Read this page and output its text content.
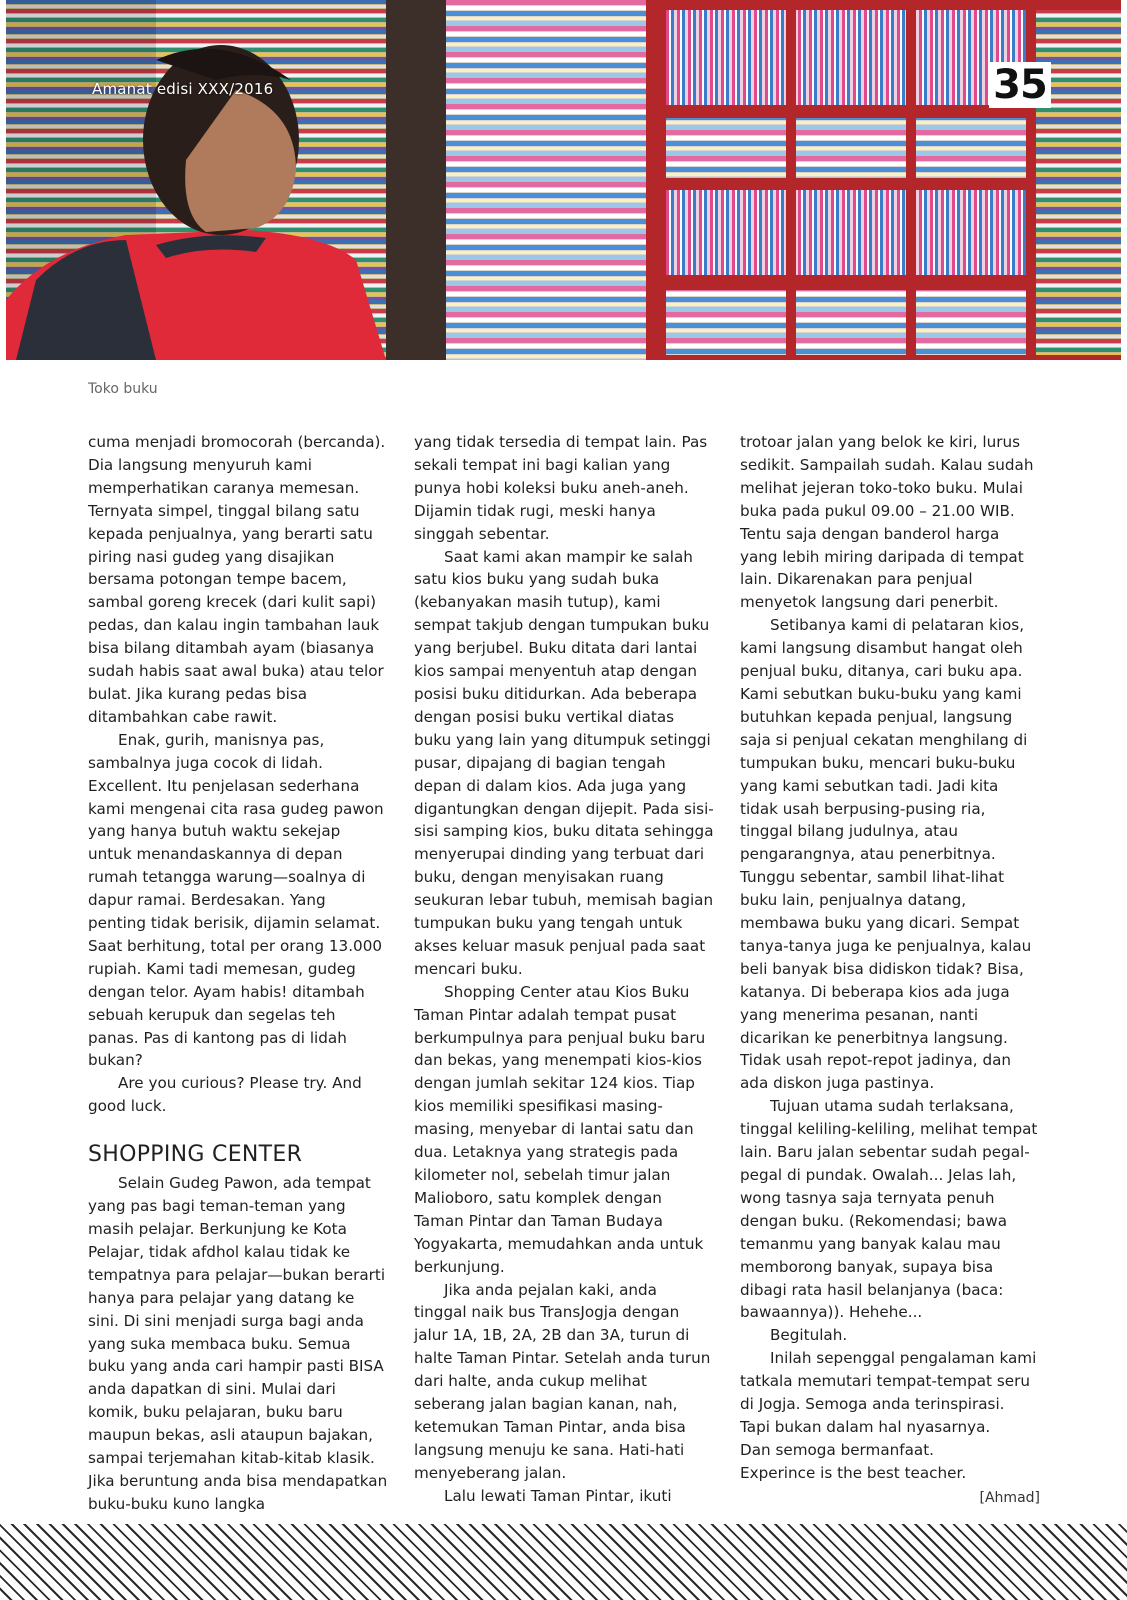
Amanat edisi XXX/2016	35
Toko buku

cuma menjadi bromocorah (bercanda). Dia langsung menyuruh kami memperhatikan caranya memesan. Ternyata simpel, tinggal bilang satu kepada penjualnya, yang berarti satu piring nasi gudeg yang disajikan bersama potongan tempe bacem, sambal goreng krecek (dari kulit sapi) pedas, dan kalau ingin tambahan lauk bisa bilang ditambah ayam (biasanya sudah habis saat awal buka) atau telor bulat. Jika kurang pedas bisa ditambahkan cabe rawit.

Enak, gurih, manisnya pas, sambalnya juga cocok di lidah. Excellent. Itu penjelasan sederhana kami mengenai cita rasa gudeg pawon yang hanya butuh waktu sekejap untuk menandaskannya di depan rumah tetangga warung—soalnya di dapur ramai. Berdesakan. Yang penting tidak berisik, dijamin selamat. Saat berhitung, total per orang 13.000 rupiah. Kami tadi memesan, gudeg dengan telor. Ayam habis! ditambah sebuah kerupuk dan segelas teh panas. Pas di kantong pas di lidah bukan?

Are you curious? Please try. And good luck.

SHOPPING CENTER

Selain Gudeg Pawon, ada tempat yang pas bagi teman-teman yang masih pelajar. Berkunjung ke Kota Pelajar, tidak afdhol kalau tidak ke tempatnya para pelajar—bukan berarti hanya para pelajar yang datang ke sini. Di sini menjadi surga bagi anda yang suka membaca buku. Semua buku yang anda cari hampir pasti BISA anda dapatkan di sini. Mulai dari komik, buku pelajaran, buku baru maupun bekas, asli ataupun bajakan, sampai terjemahan kitab-kitab klasik. Jika beruntung anda bisa mendapatkan buku-buku kuno langka

yang tidak tersedia di tempat lain. Pas sekali tempat ini bagi kalian yang punya hobi koleksi buku aneh-aneh. Dijamin tidak rugi, meski hanya singgah sebentar.

Saat kami akan mampir ke salah satu kios buku yang sudah buka (kebanyakan masih tutup), kami sempat takjub dengan tumpukan buku yang berjubel. Buku ditata dari lantai kios sampai menyentuh atap dengan posisi buku ditidurkan. Ada beberapa dengan posisi buku vertikal diatas buku yang lain yang ditumpuk setinggi pusar, dipajang di bagian tengah depan di dalam kios. Ada juga yang digantungkan dengan dijepit. Pada sisi-sisi samping kios, buku ditata sehingga menyerupai dinding yang terbuat dari buku, dengan menyisakan ruang seukuran lebar tubuh, memisah bagian tumpukan buku yang tengah untuk akses keluar masuk penjual pada saat mencari buku.

Shopping Center atau Kios Buku Taman Pintar adalah tempat pusat berkumpulnya para penjual buku baru dan bekas, yang menempati kios-kios dengan jumlah sekitar 124 kios. Tiap kios memiliki spesifikasi masing-masing, menyebar di lantai satu dan dua. Letaknya yang strategis pada kilometer nol, sebelah timur jalan Malioboro, satu komplek dengan Taman Pintar dan Taman Budaya Yogyakarta, memudahkan anda untuk berkunjung.

Jika anda pejalan kaki, anda tinggal naik bus TransJogja dengan jalur 1A, 1B, 2A, 2B dan 3A, turun di halte Taman Pintar. Setelah anda turun dari halte, anda cukup melihat seberang jalan bagian kanan, nah, ketemukan Taman Pintar, anda bisa langsung menuju ke sana. Hati-hati menyeberang jalan.

Lalu lewati Taman Pintar, ikuti

trotoar jalan yang belok ke kiri, lurus sedikit. Sampailah sudah. Kalau sudah melihat jejeran toko-toko buku. Mulai buka pada pukul 09.00 – 21.00 WIB. Tentu saja dengan banderol harga yang lebih miring daripada di tempat lain. Dikarenakan para penjual menyetok langsung dari penerbit.

Setibanya kami di pelataran kios, kami langsung disambut hangat oleh penjual buku, ditanya, cari buku apa. Kami sebutkan buku-buku yang kami butuhkan kepada penjual, langsung saja si penjual cekatan menghilang di tumpukan buku, mencari buku-buku yang kami sebutkan tadi. Jadi kita tidak usah berpusing-pusing ria, tinggal bilang judulnya, atau pengarangnya, atau penerbitnya. Tunggu sebentar, sambil lihat-lihat buku lain, penjualnya datang, membawa buku yang dicari. Sempat tanya-tanya juga ke penjualnya, kalau beli banyak bisa didiskon tidak? Bisa, katanya. Di beberapa kios ada juga yang menerima pesanan, nanti dicarikan ke penerbitnya langsung. Tidak usah repot-repot jadinya, dan ada diskon juga pastinya.

Tujuan utama sudah terlaksana, tinggal keliling-keliling, melihat tempat lain. Baru jalan sebentar sudah pegal-pegal di pundak. Owalah... Jelas lah, wong tasnya saja ternyata penuh dengan buku. (Rekomendasi; bawa temanmu yang banyak kalau mau memborong banyak, supaya bisa dibagi rata hasil belanjanya (baca: bawaannya)). Hehehe...

Begitulah.

Inilah sepenggal pengalaman kami tatkala memutari tempat-tempat seru di Jogja. Semoga anda terinspirasi.

Tapi bukan dalam hal nyasarnya.

Dan semoga bermanfaat.

Experince is the best teacher.

[Ahmad]
